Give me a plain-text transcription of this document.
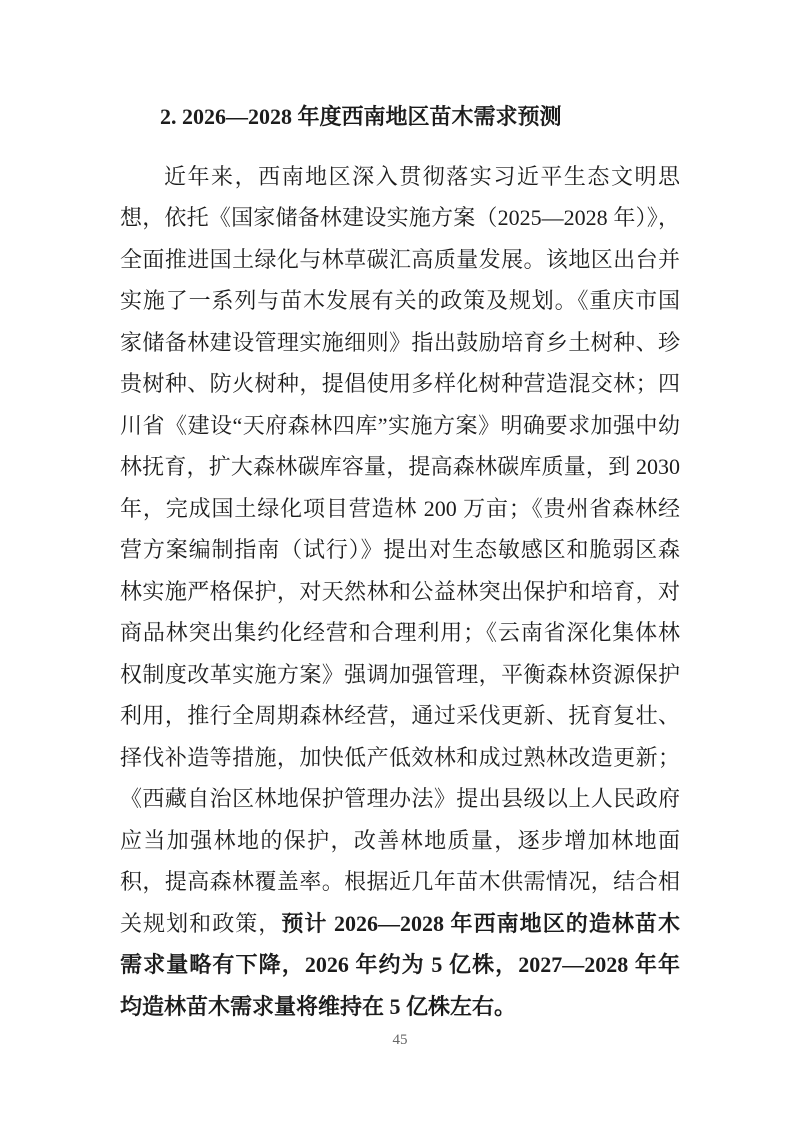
2. 2026—2028 年度西南地区苗木需求预测

近年来，西南地区深入贯彻落实习近平生态文明思想，依托《国家储备林建设实施方案（2025—2028 年）》，全面推进国土绿化与林草碳汇高质量发展。该地区出台并实施了一系列与苗木发展有关的政策及规划。《重庆市国家储备林建设管理实施细则》指出鼓励培育乡土树种、珍贵树种、防火树种，提倡使用多样化树种营造混交林；四川省《建设“天府森林四库”实施方案》明确要求加强中幼林抚育，扩大森林碳库容量，提高森林碳库质量，到 2030 年，完成国土绿化项目营造林 200 万亩；《贵州省森林经营方案编制指南（试行）》提出对生态敏感区和脆弱区森林实施严格保护，对天然林和公益林突出保护和培育，对商品林突出集约化经营和合理利用；《云南省深化集体林权制度改革实施方案》强调加强管理，平衡森林资源保护利用，推行全周期森林经营，通过采伐更新、抚育复壮、择伐补造等措施，加快低产低效林和成过熟林改造更新；《西藏自治区林地保护管理办法》提出县级以上人民政府应当加强林地的保护，改善林地质量，逐步增加林地面积，提高森林覆盖率。根据近几年苗木供需情况，结合相关规划和政策，预计 2026—2028 年西南地区的造林苗木需求量略有下降，2026 年约为 5 亿株，2027—2028 年年均造林苗木需求量将维持在 5 亿株左右。

45
